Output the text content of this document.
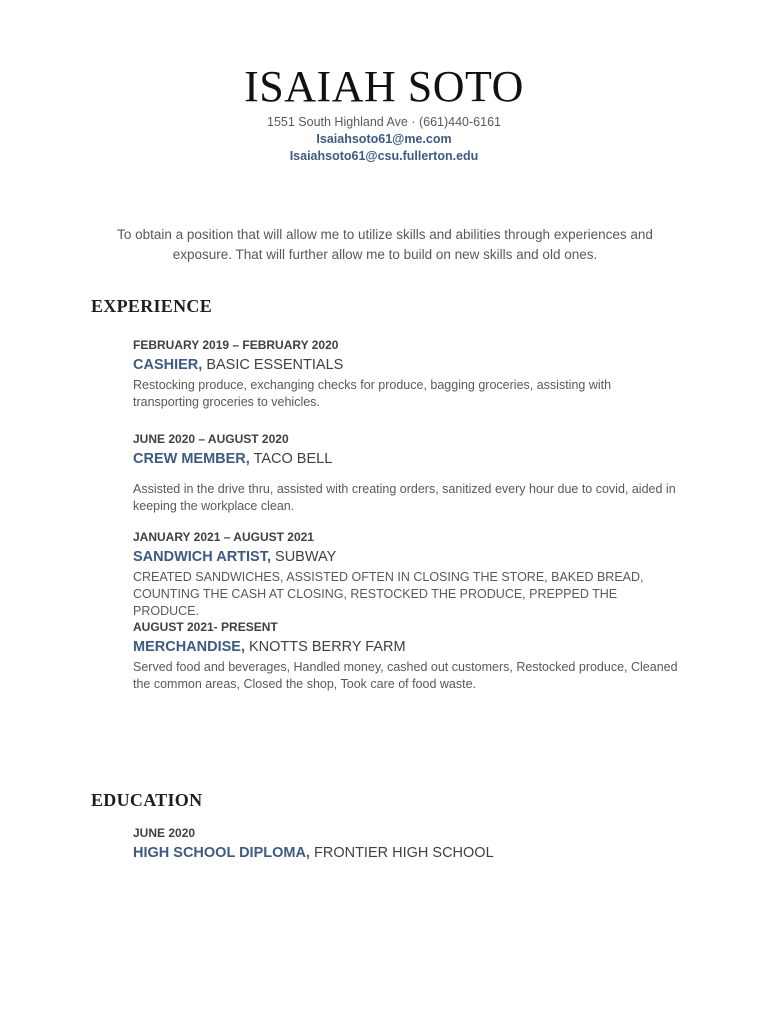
ISAIAH SOTO
1551 South Highland Ave · (661)440-6161
Isaiahsoto61@me.com
Isaiahsoto61@csu.fullerton.edu
To obtain a position that will allow me to utilize skills and abilities through experiences and exposure. That will further allow me to build on new skills and old ones.
EXPERIENCE

FEBRUARY 2019 – FEBRUARY 2020

CASHIER, BASIC ESSENTIALS

Restocking produce, exchanging checks for produce, bagging groceries, assisting with transporting groceries to vehicles.

JUNE 2020 – AUGUST 2020

CREW MEMBER, TACO BELL

Assisted in the drive thru, assisted with creating orders, sanitized every hour due to covid, aided in keeping the workplace clean.

JANUARY 2021 – AUGUST 2021

SANDWICH ARTIST, SUBWAY

CREATED SANDWICHES, ASSISTED OFTEN IN CLOSING THE STORE, BAKED BREAD, COUNTING THE CASH AT CLOSING, RESTOCKED THE PRODUCE, PREPPED THE PRODUCE.

AUGUST 2021- PRESENT

MERCHANDISE, KNOTTS BERRY FARM

Served food and beverages, Handled money, cashed out customers, Restocked produce, Cleaned the common areas, Closed the shop, Took care of food waste.

EDUCATION

JUNE 2020

HIGH SCHOOL DIPLOMA, FRONTIER HIGH SCHOOL
